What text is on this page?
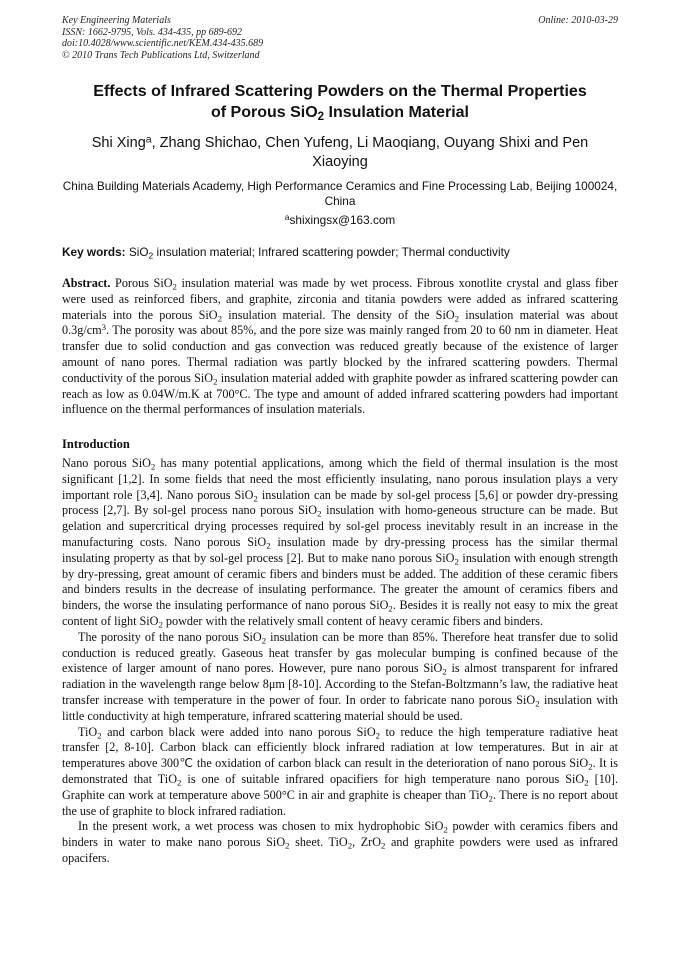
Key Engineering Materials
ISSN: 1662-9795, Vols. 434-435, pp 689-692
doi:10.4028/www.scientific.net/KEM.434-435.689
© 2010 Trans Tech Publications Ltd, Switzerland
Online: 2010-03-29
Effects of Infrared Scattering Powders on the Thermal Properties
of Porous SiO$_2$ Insulation Material
Shi Xing$^a$, Zhang Shichao, Chen Yufeng, Li Maoqiang, Ouyang Shixi and Pen Xiaoying
China Building Materials Academy, High Performance Ceramics and Fine Processing Lab, Beijing 100024, China
$^a$shixingsx@163.com
Key words: SiO$_2$ insulation material; Infrared scattering powder; Thermal conductivity
Abstract. Porous SiO$_2$ insulation material was made by wet process. Fibrous xonotlite crystal and glass fiber were used as reinforced fibers, and graphite, zirconia and titania powders were added as infrared scattering materials into the porous SiO$_2$ insulation material. The density of the SiO$_2$ insulation material was about $0.3g/cm^3$. The porosity was about 85%, and the pore size was mainly ranged from 20 to 60 nm in diameter. Heat transfer due to solid conduction and gas convection was reduced greatly because of the existence of larger amount of nano pores. Thermal radiation was partly blocked by the infrared scattering powders. Thermal conductivity of the porous SiO$_2$ insulation material added with graphite powder as infrared scattering powder can reach as low as 0.04W/m.K at 700°C. The type and amount of added infrared scattering powders had important influence on the thermal performances of insulation materials.
Introduction

Nano porous SiO$_2$ has many potential applications, among which the field of thermal insulation is the most significant [1,2]. In some fields that need the most efficiently insulating, nano porous insulation plays a very important role [3,4]. Nano porous SiO$_2$ insulation can be made by sol-gel process [5,6] or powder dry-pressing process [2,7]. By sol-gel process nano porous SiO$_2$ insulation with homo-geneous structure can be made. But gelation and supercritical drying processes required by sol-gel process inevitably result in an increase in the manufacturing costs. Nano porous SiO$_2$ insulation made by dry-pressing process has the similar thermal insulating property as that by sol-gel process [2]. But to make nano porous SiO$_2$ insulation with enough strength by dry-pressing, great amount of ceramic fibers and binders must be added. The addition of these ceramic fibers and binders results in the decrease of insulating performance. The greater the amount of ceramics fibers and binders, the worse the insulating performance of nano porous SiO$_2$. Besides it is really not easy to mix the great content of light SiO$_2$ powder with the relatively small content of heavy ceramic fibers and binders.

The porosity of the nano porous SiO$_2$ insulation can be more than 85%. Therefore heat transfer due to solid conduction is reduced greatly. Gaseous heat transfer by gas molecular bumping is confined because of the existence of larger amount of nano pores. However, pure nano porous SiO$_2$ is almost transparent for infrared radiation in the wavelength range below 8μm [8-10]. According to the Stefan-Boltzmann’s law, the radiative heat transfer increase with temperature in the power of four. In order to fabricate nano porous SiO$_2$ insulation with little conductivity at high temperature, infrared scattering material should be used.

TiO$_2$ and carbon black were added into nano porous SiO$_2$ to reduce the high temperature radiative heat transfer [2, 8-10]. Carbon black can efficiently block infrared radiation at low temperatures. But in air at temperatures above 300℃ the oxidation of carbon black can result in the deterioration of nano porous SiO$_2$. It is demonstrated that TiO$_2$ is one of suitable infrared opacifiers for high temperature nano porous SiO$_2$ [10]. Graphite can work at temperature above 500°C in air and graphite is cheaper than TiO$_2$. There is no report about the use of graphite to block infrared radiation.

In the present work, a wet process was chosen to mix hydrophobic SiO$_2$ powder with ceramics fibers and binders in water to make nano porous SiO$_2$ sheet. TiO$_2$, ZrO$_2$ and graphite powders were used as infrared opacifers.
